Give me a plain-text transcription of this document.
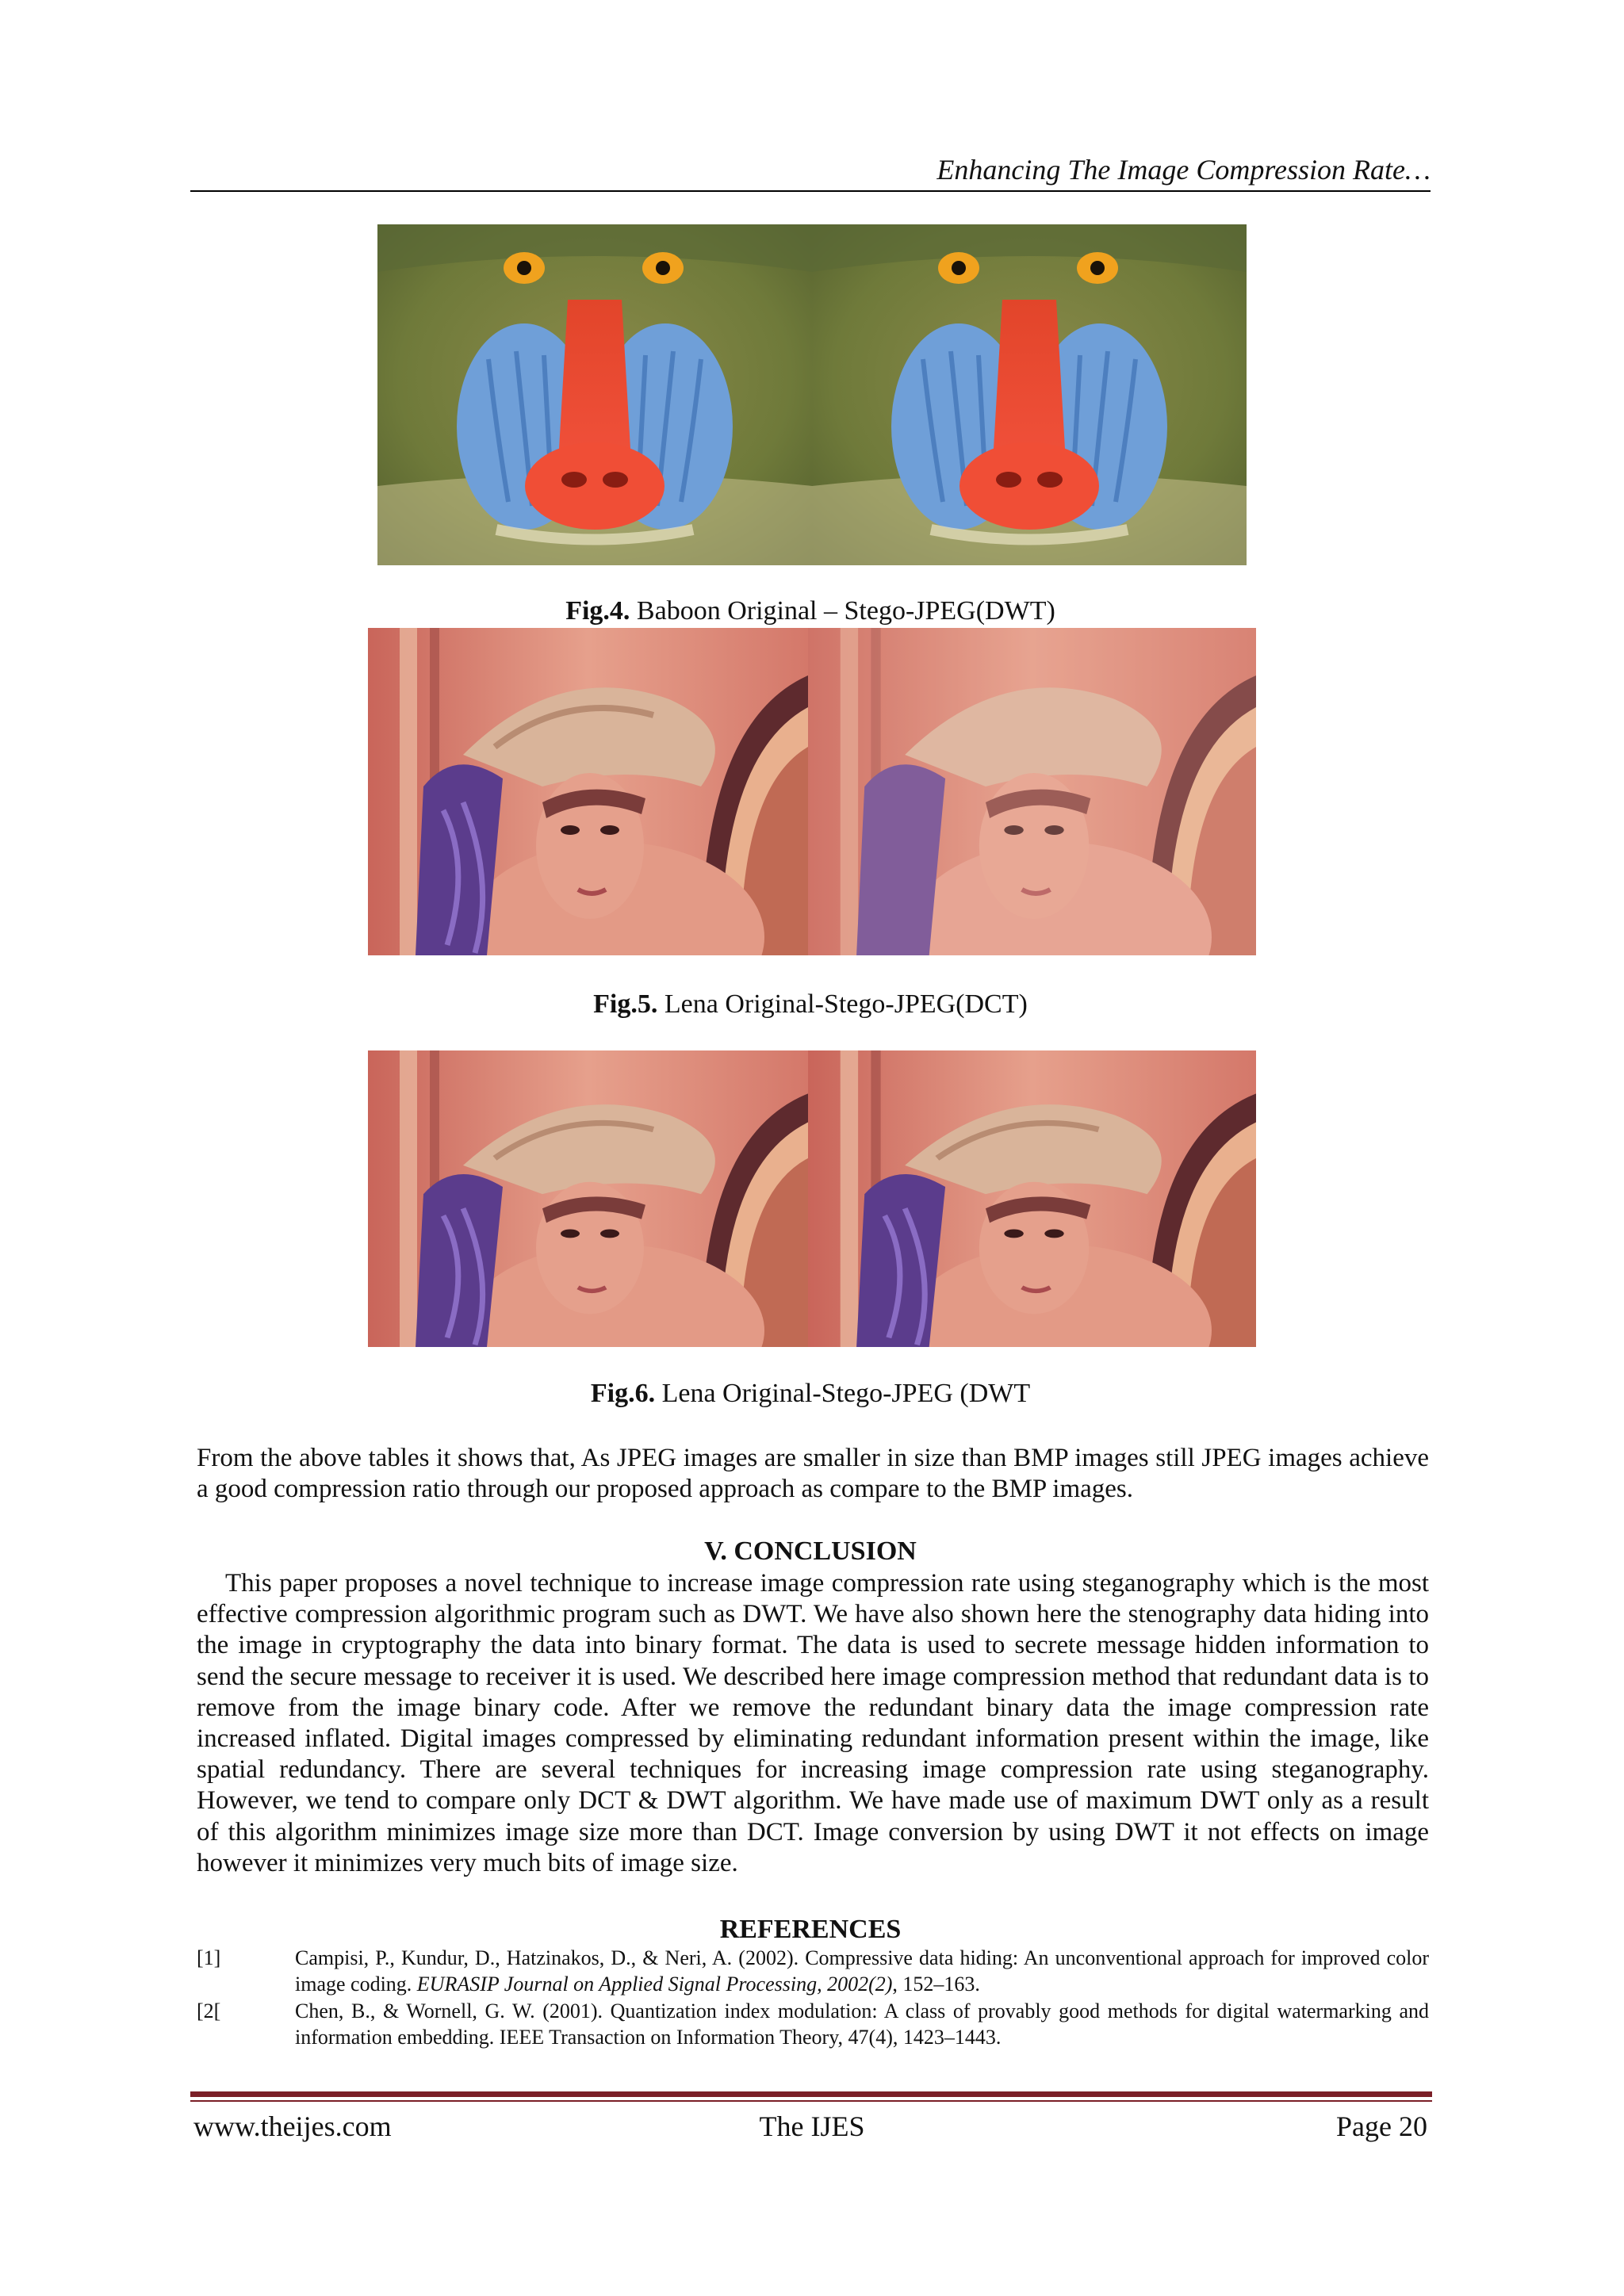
Enhancing The Image Compression Rate…
Fig.4. Baboon Original – Stego-JPEG(DWT)
Fig.5. Lena Original-Stego-JPEG(DCT)
Fig.6. Lena Original-Stego-JPEG (DWT

From the above tables it shows that, As JPEG images are smaller in size than BMP images still JPEG images achieve a good compression ratio through our proposed approach as compare to the BMP images.

V. CONCLUSION

This paper proposes a novel technique to increase image compression rate using steganography which is the most effective compression algorithmic program such as DWT. We have also shown here the stenography data hiding into the image in cryptography the data into binary format. The data is used to secrete message hidden information to send the secure message to receiver it is used. We described here image compression method that redundant data is to remove from the image binary code. After we remove the redundant binary data the image compression rate increased inflated. Digital images compressed by eliminating redundant information present within the image, like spatial redundancy. There are several techniques for increasing image compression rate using steganography. However, we tend to compare only DCT & DWT algorithm. We have made use of maximum DWT only as a result of this algorithm minimizes image size more than DCT. Image conversion by using DWT it not effects on image however it minimizes very much bits of image size.

REFERENCES
[1]	Campisi, P., Kundur, D., Hatzinakos, D., & Neri, A. (2002). Compressive data hiding: An unconventional approach for improved color image coding. EURASIP Journal on Applied Signal Processing, 2002(2), 152–163.
[2[	Chen, B., & Wornell, G. W. (2001). Quantization index modulation: A class of provably good methods for digital watermarking and information embedding. IEEE Transaction on Information Theory, 47(4), 1423–1443.
www.theijes.com	The IJES	Page 20
